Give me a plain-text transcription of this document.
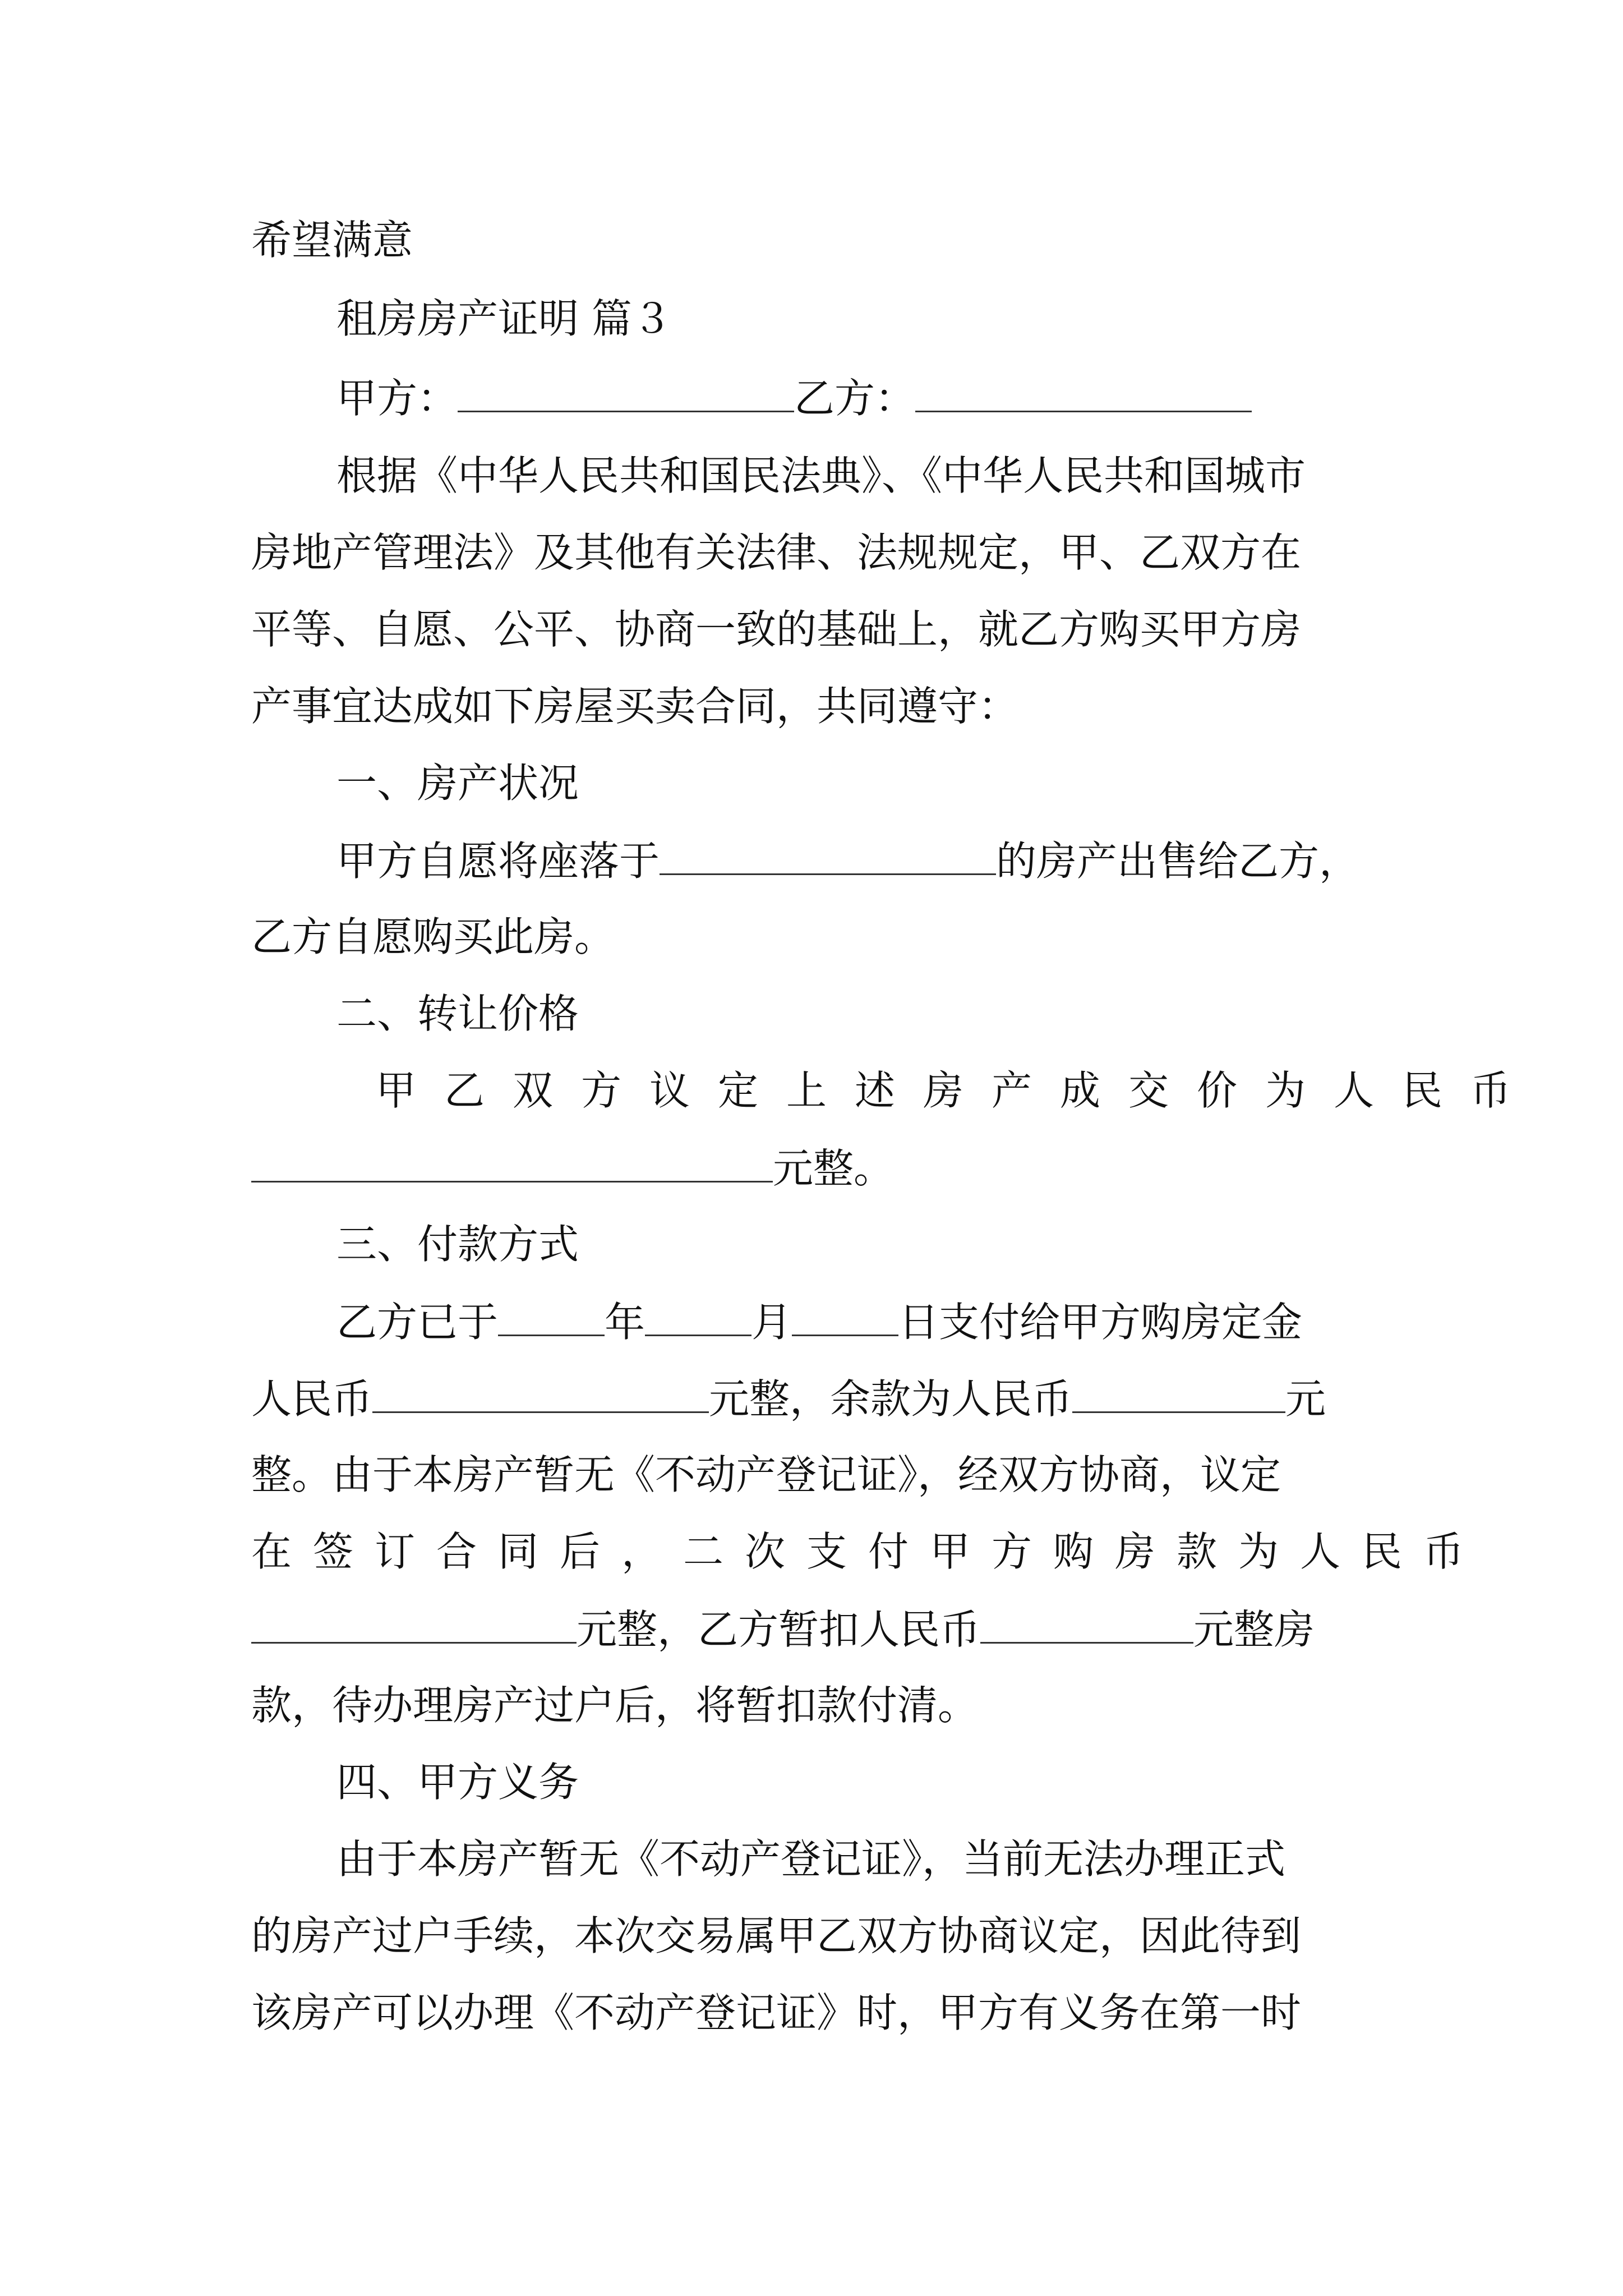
希望满意
租房房产证明 篇３
甲方：	乙方：
根据《中华人民共和国民法典》、《中华人民共和国城市
房地产管理法》及其他有关法律、法规规定，甲、乙双方在
平等、自愿、公平、协商一致的基础上，就乙方购买甲方房
产事宜达成如下房屋买卖合同，共同遵守：
一、房产状况
甲方自愿将座落于	的房产出售给乙方，
乙方自愿购买此房。
二、转让价格
甲乙双方议定上述房产成交价为人民币
元整。
三、付款方式
乙方已于	年	月	日支付给甲方购房定金
人民币	元整，余款为人民币	元
整。由于本房产暂无《不动产登记证》，经双方协商，议定
在签订合同后，二次支付甲方购房款为人民币
元整，乙方暂扣人民币	元整房
款，待办理房产过户后，将暂扣款付清。
四、甲方义务
由于本房产暂无《不动产登记证》，当前无法办理正式
的房产过户手续，本次交易属甲乙双方协商议定，因此待到
该房产可以办理《不动产登记证》时，甲方有义务在第一时
